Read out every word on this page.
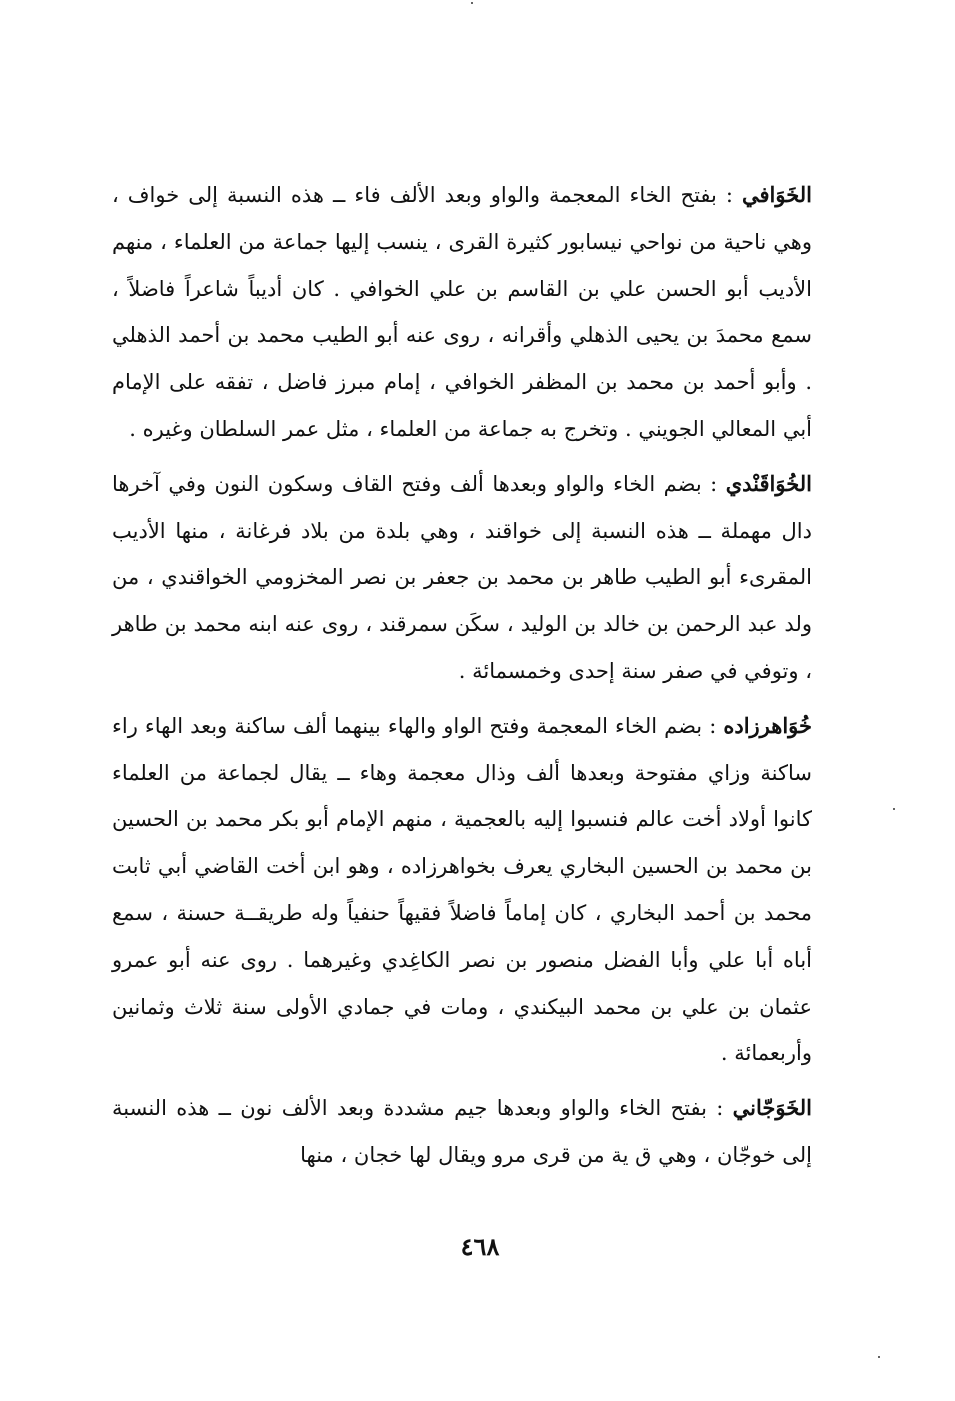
الخَوَافي : بفتح الخاء المعجمة والواو وبعد الألف فاء ــ هذه النسبة إلى خواف ، وهي ناحية من نواحي نيسابور كثيرة القرى ، ينسب إليها جماعة من العلماء ، منهم الأديب أبو الحسن علي بن القاسم بن علي الخوافي . كان أديباً شاعراً فاضلاً ، سمع محمدَ بن يحيى الذهلي وأقرانه ، روى عنه أبو الطيب محمد بن أحمد الذهلي . وأبو أحمد بن محمد بن المظفر الخوافي ، إمام مبرز فاضل ، تفقه على الإمام أبي المعالي الجويني . وتخرج به جماعة من العلماء ، مثل عمر السلطان وغيره .

الخُوَاقَنْدي : بضم الخاء والواو وبعدها ألف وفتح القاف وسكون النون وفي آخرها دال مهملة ــ هذه النسبة إلى خواقند ، وهي بلدة من بلاد فرغانة ، منها الأديب المقرىء أبو الطيب طاهر بن محمد بن جعفر بن نصر المخزومي الخواقندي ، من ولد عبد الرحمن بن خالد بن الوليد ، سكَن سمرقند ، روى عنه ابنه محمد بن طاهر ، وتوفي في صفر سنة إحدى وخمسمائة .

خُوَاهرزاده : بضم الخاء المعجمة وفتح الواو والهاء بينهما ألف ساكنة وبعد الهاء راء ساكنة وزاي مفتوحة وبعدها ألف وذال معجمة وهاء ــ يقال لجماعة من العلماء كانوا أولاد أخت عالم فنسبوا إليه بالعجمية ، منهم الإمام أبو بكر محمد بن الحسين بن محمد بن الحسين البخاري يعرف بخواهرزاده ، وهو ابن أخت القاضي أبي ثابت محمد بن أحمد البخاري ، كان إماماً فاضلاً فقيهاً حنفياً وله طريقــة حسنة ، سمع أباه أبا علي وأبا الفضل منصور بن نصر الكاغِدي وغيرهما . روى عنه أبو عمرو عثمان بن علي بن محمد البيكندي ، ومات في جمادي الأولى سنة ثلاث وثمانين وأربعمائة .

الخَوَجّاني : بفتح الخاء والواو وبعدها جيم مشددة وبعد الألف نون ــ هذه النسبة إلى خوجّان ، وهي ق ية من قرى مرو ويقال لها خجان ، منها

٤٦٨
